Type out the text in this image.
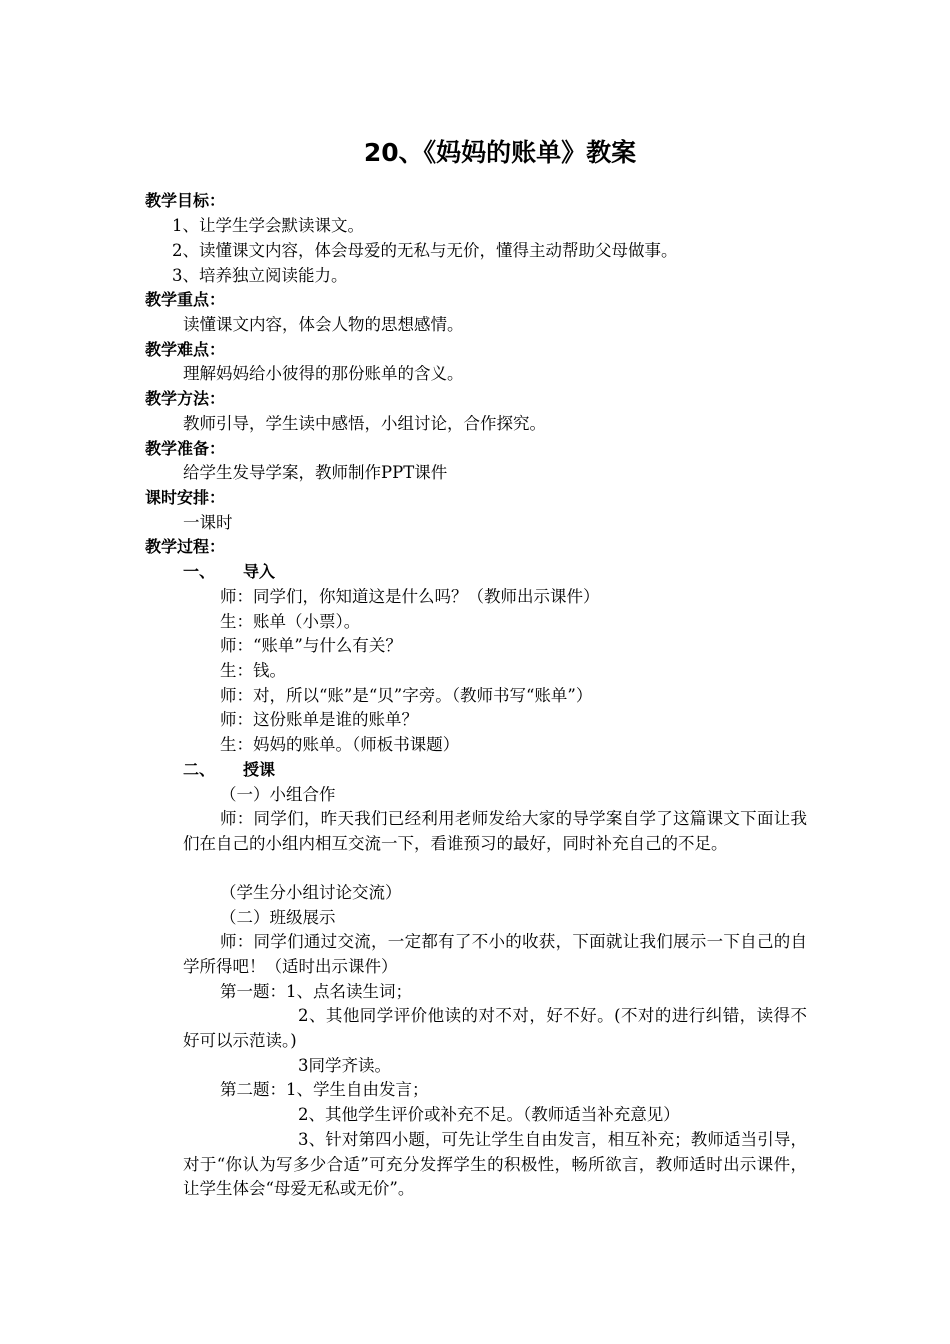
20、《妈妈的账单》教案
教学目标：
1、让学生学会默读课文。
2、读懂课文内容，体会母爱的无私与无价，懂得主动帮助父母做事。
3、培养独立阅读能力。
教学重点：
读懂课文内容，体会人物的思想感情。
教学难点：
理解妈妈给小彼得的那份账单的含义。
教学方法：
教师引导，学生读中感悟，小组讨论，合作探究。
教学准备：
给学生发导学案，教师制作PPT课件
课时安排：
一课时
教学过程：
一、 导入
师：同学们，你知道这是什么吗？（教师出示课件）
生：账单（小票）。
师：“账单”与什么有关？
生：钱。
师：对，所以“账”是“贝”字旁。（教师书写“账单”）
师：这份账单是谁的账单？
生：妈妈的账单。（师板书课题）
二、 授课
（一）小组合作
师：同学们，昨天我们已经利用老师发给大家的导学案自学了这篇课文下面让我们在自己的小组内相互交流一下，看谁预习的最好，同时补充自己的不足。
（学生分小组讨论交流）
（二）班级展示
师：同学们通过交流，一定都有了不小的收获，下面就让我们展示一下自己的自学所得吧！（适时出示课件）
第一题：1、点名读生词；
2、其他同学评价他读的对不对，好不好。(不对的进行纠错，读得不好可以示范读。)
3同学齐读。
第二题：1、学生自由发言；
2、其他学生评价或补充不足。（教师适当补充意见）
3、针对第四小题，可先让学生自由发言，相互补充；教师适当引导，对于“你认为写多少合适”可充分发挥学生的积极性，畅所欲言，教师适时出示课件，让学生体会“母爱无私或无价”。
